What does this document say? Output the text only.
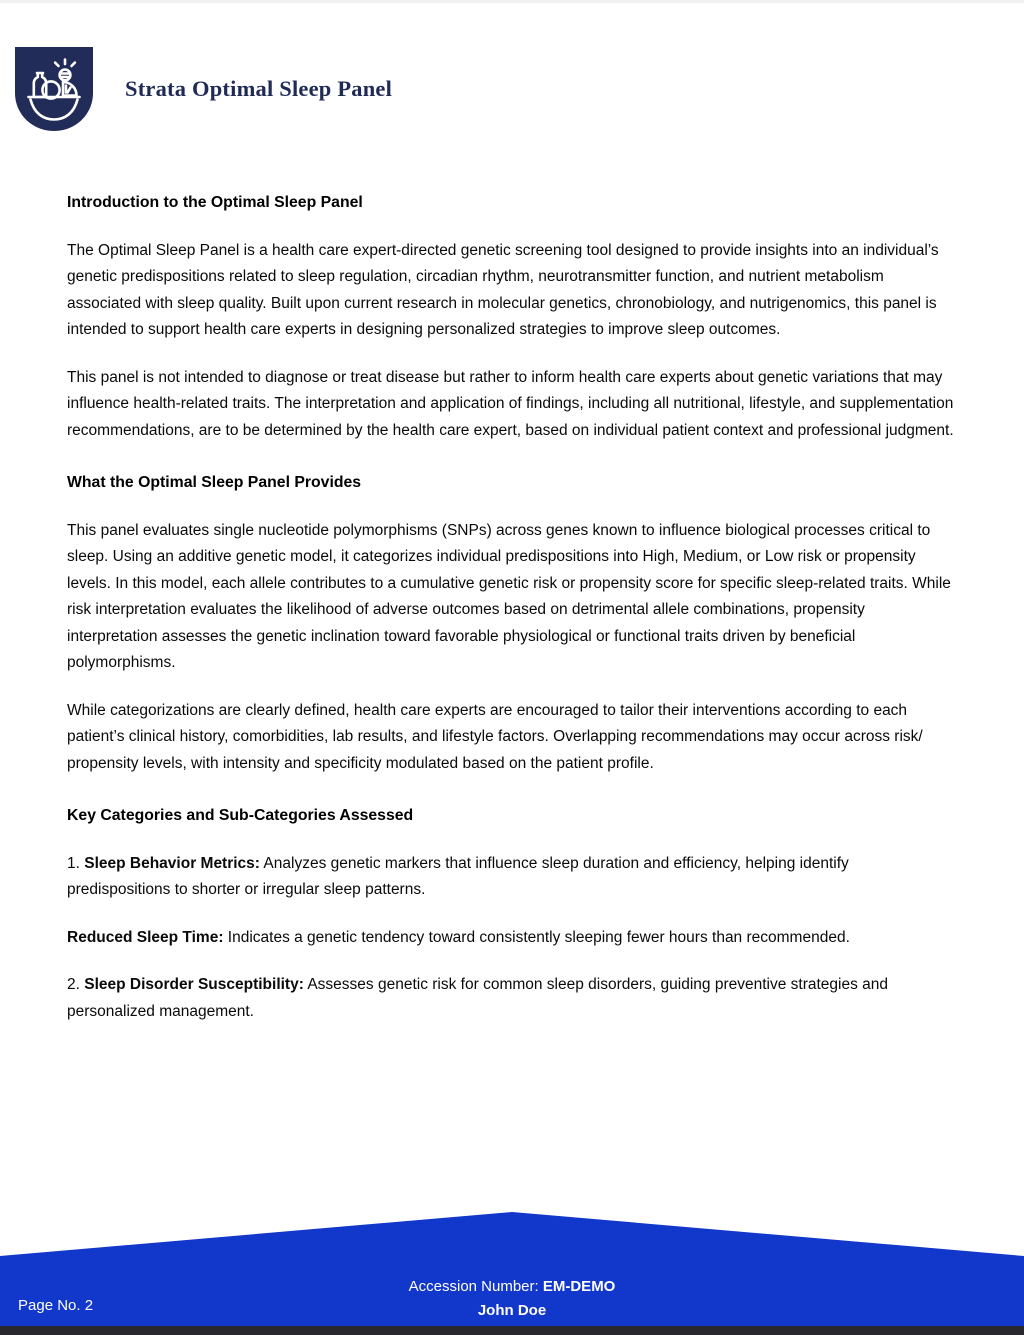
Strata Optimal Sleep Panel
Introduction to the Optimal Sleep Panel

The Optimal Sleep Panel is a health care expert-directed genetic screening tool designed to provide insights into an individual’s genetic predispositions related to sleep regulation, circadian rhythm, neurotransmitter function, and nutrient metabolism associated with sleep quality. Built upon current research in molecular genetics, chronobiology, and nutrigenomics, this panel is intended to support health care experts in designing personalized strategies to improve sleep outcomes.

This panel is not intended to diagnose or treat disease but rather to inform health care experts about genetic variations that may influence health-related traits. The interpretation and application of findings, including all nutritional, lifestyle, and supplementation recommendations, are to be determined by the health care expert, based on individual patient context and professional judgment.

What the Optimal Sleep Panel Provides

This panel evaluates single nucleotide polymorphisms (SNPs) across genes known to influence biological processes critical to sleep. Using an additive genetic model, it categorizes individual predispositions into High, Medium, or Low risk or propensity levels. In this model, each allele contributes to a cumulative genetic risk or propensity score for specific sleep-related traits. While risk interpretation evaluates the likelihood of adverse outcomes based on detrimental allele combinations, propensity interpretation assesses the genetic inclination toward favorable physiological or functional traits driven by beneficial polymorphisms.

While categorizations are clearly defined, health care experts are encouraged to tailor their interventions according to each patient’s clinical history, comorbidities, lab results, and lifestyle factors. Overlapping recommendations may occur across risk/ propensity levels, with intensity and specificity modulated based on the patient profile.

Key Categories and Sub-Categories Assessed

1. Sleep Behavior Metrics: Analyzes genetic markers that influence sleep duration and efficiency, helping identify predispositions to shorter or irregular sleep patterns.

Reduced Sleep Time: Indicates a genetic tendency toward consistently sleeping fewer hours than recommended.

2. Sleep Disorder Susceptibility: Assesses genetic risk for common sleep disorders, guiding preventive strategies and personalized management.

Accession Number: EM-DEMO
John Doe
Page No. 2
